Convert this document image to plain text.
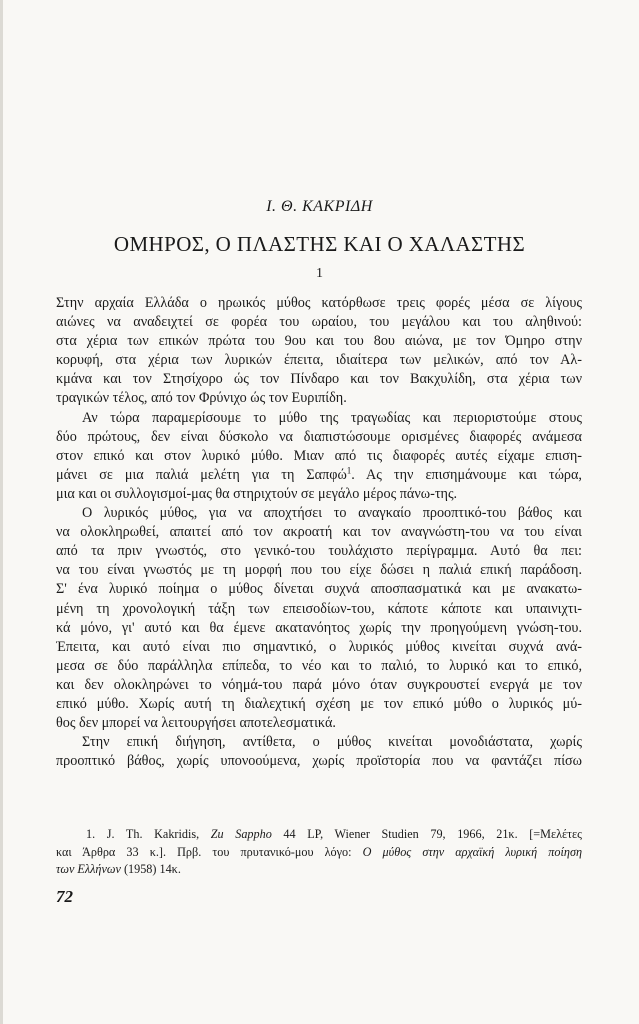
Ι. Θ. ΚΑΚΡΙΔΗ
ΟΜΗΡΟΣ, Ο ΠΛΑΣΤΗΣ ΚΑΙ Ο ΧΑΛΑΣΤΗΣ
1
Στην αρχαία Ελλάδα ο ηρωικός μύθος κατόρθωσε τρεις φορές μέσα σε λίγους
αιώνες να αναδειχτεί σε φορέα του ωραίου, του μεγάλου και του αληθινού:
στα χέρια των επικών πρώτα του 9ου και του 8ου αιώνα, με τον Όμηρο στην
κορυφή, στα χέρια των λυρικών έπειτα, ιδιαίτερα των μελικών, από τον Αλ-
κμάνα και τον Στησίχορο ώς τον Πίνδαρο και τον Βακχυλίδη, στα χέρια των
τραγικών τέλος, από τον Φρύνιχο ώς τον Ευριπίδη.
Αν τώρα παραμερίσουμε το μύθο της τραγωδίας και περιοριστούμε στους
δύο πρώτους, δεν είναι δύσκολο να διαπιστώσουμε ορισμένες διαφορές ανάμεσα
στον επικό και στον λυρικό μύθο. Μιαν από τις διαφορές αυτές είχαμε επιση-
μάνει σε μια παλιά μελέτη για τη Σαπφώ$^1$. Ας την επισημάνουμε και τώρα,
μια και οι συλλογισμοί-μας θα στηριχτούν σε μεγάλο μέρος πάνω-της.
Ο λυρικός μύθος, για να αποχτήσει το αναγκαίο προοπτικό-του βάθος και
να ολοκληρωθεί, απαιτεί από τον ακροατή και τον αναγνώστη-του να του είναι
από τα πριν γνωστός, στο γενικό-του τουλάχιστο περίγραμμα. Αυτό θα πει:
να του είναι γνωστός με τη μορφή που του είχε δώσει η παλιά επική παράδοση.
Σ' ένα λυρικό ποίημα ο μύθος δίνεται συχνά αποσπασματικά και με ανακατω-
μένη τη χρονολογική τάξη των επεισοδίων-του, κάποτε κάποτε και υπαινιχτι-
κά μόνο, γι' αυτό και θα έμενε ακατανόητος χωρίς την προηγούμενη γνώση-του.
Έπειτα, και αυτό είναι πιο σημαντικό, ο λυρικός μύθος κινείται συχνά ανά-
μεσα σε δύο παράλληλα επίπεδα, το νέο και το παλιό, το λυρικό και το επικό,
και δεν ολοκληρώνει το νόημά-του παρά μόνο όταν συγκρουστεί ενεργά με τον
επικό μύθο. Χωρίς αυτή τη διαλεχτική σχέση με τον επικό μύθο ο λυρικός μύ-
θος δεν μπορεί να λειτουργήσει αποτελεσματικά.
Στην επική διήγηση, αντίθετα, ο μύθος κινείται μονοδιάστατα, χωρίς
προοπτικό βάθος, χωρίς υπονοούμενα, χωρίς προϊστορία που να φαντάζει πίσω
1. J. Th. Kakridis, Zu Sappho 44 LP, Wiener Studien 79, 1966, 21κ. [=Μελέτες
και Άρθρα 33 κ.]. Πρβ. του πρυτανικό-μου λόγο: Ο μύθος στην αρχαϊκή λυρική ποίηση
των Ελλήνων (1958) 14κ.
72
